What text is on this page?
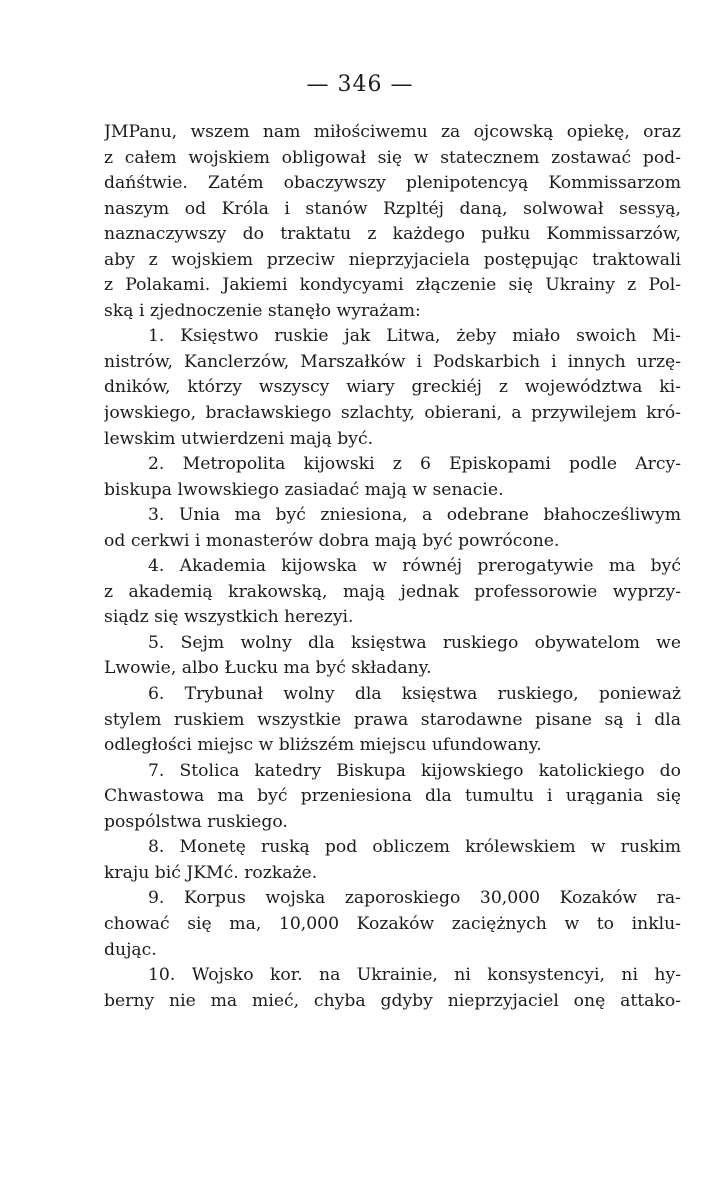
— 346 —
JMPanu, wszem nam miłościwemu za ojcowską opiekę, oraz
z całem wojskiem obligował się w statecznem zostawać pod-
dańśtwie. Zatém obaczywszy plenipotencyą Kommissarzom
naszym od Króla i stanów Rzpltéj daną, solwował sessyą,
naznaczywszy do traktatu z każdego pułku Kommissarzów,
aby z wojskiem przeciw nieprzyjaciela postępując traktowali
z Polakami. Jakiemi kondycyami złączenie się Ukrainy z Pol-
ską i zjednoczenie stanęło wyrażam:
1. Księstwo ruskie jak Litwa, żeby miało swoich Mi-
nistrów, Kanclerzów, Marszałków i Podskarbich i innych urzę-
dników, którzy wszyscy wiary greckiéj z województwa ki-
jowskiego, bracławskiego szlachty, obierani, a przywilejem kró-
lewskim utwierdzeni mają być.
2. Metropolita kijowski z 6 Episkopami podle Arcy-
biskupa lwowskiego zasiadać mają w senacie.
3. Unia ma być zniesiona, a odebrane błahocześliwym
od cerkwi i monasterów dobra mają być powrócone.
4. Akademia kijowska w równéj prerogatywie ma być
z akademią krakowską, mają jednak professorowie wyprzy-
siądz się wszystkich herezyi.
5. Sejm wolny dla księstwa ruskiego obywatelom we
Lwowie, albo Łucku ma być składany.
6. Trybunał wolny dla księstwa ruskiego, ponieważ
stylem ruskiem wszystkie prawa starodawne pisane są i dla
odległości miejsc w bliższém miejscu ufundowany.
7. Stolica katedry Biskupa kijowskiego katolickiego do
Chwastowa ma być przeniesiona dla tumultu i urągania się
pospólstwa ruskiego.
8. Monetę ruską pod obliczem królewskiem w ruskim
kraju bić JKMć. rozkaże.
9. Korpus wojska zaporoskiego 30,000 Kozaków ra-
chować się ma, 10,000 Kozaków zaciężnych w to inklu-
dując.
10. Wojsko kor. na Ukrainie, ni konsystencyi, ni hy-
berny nie ma mieć, chyba gdyby nieprzyjaciel onę attako-
